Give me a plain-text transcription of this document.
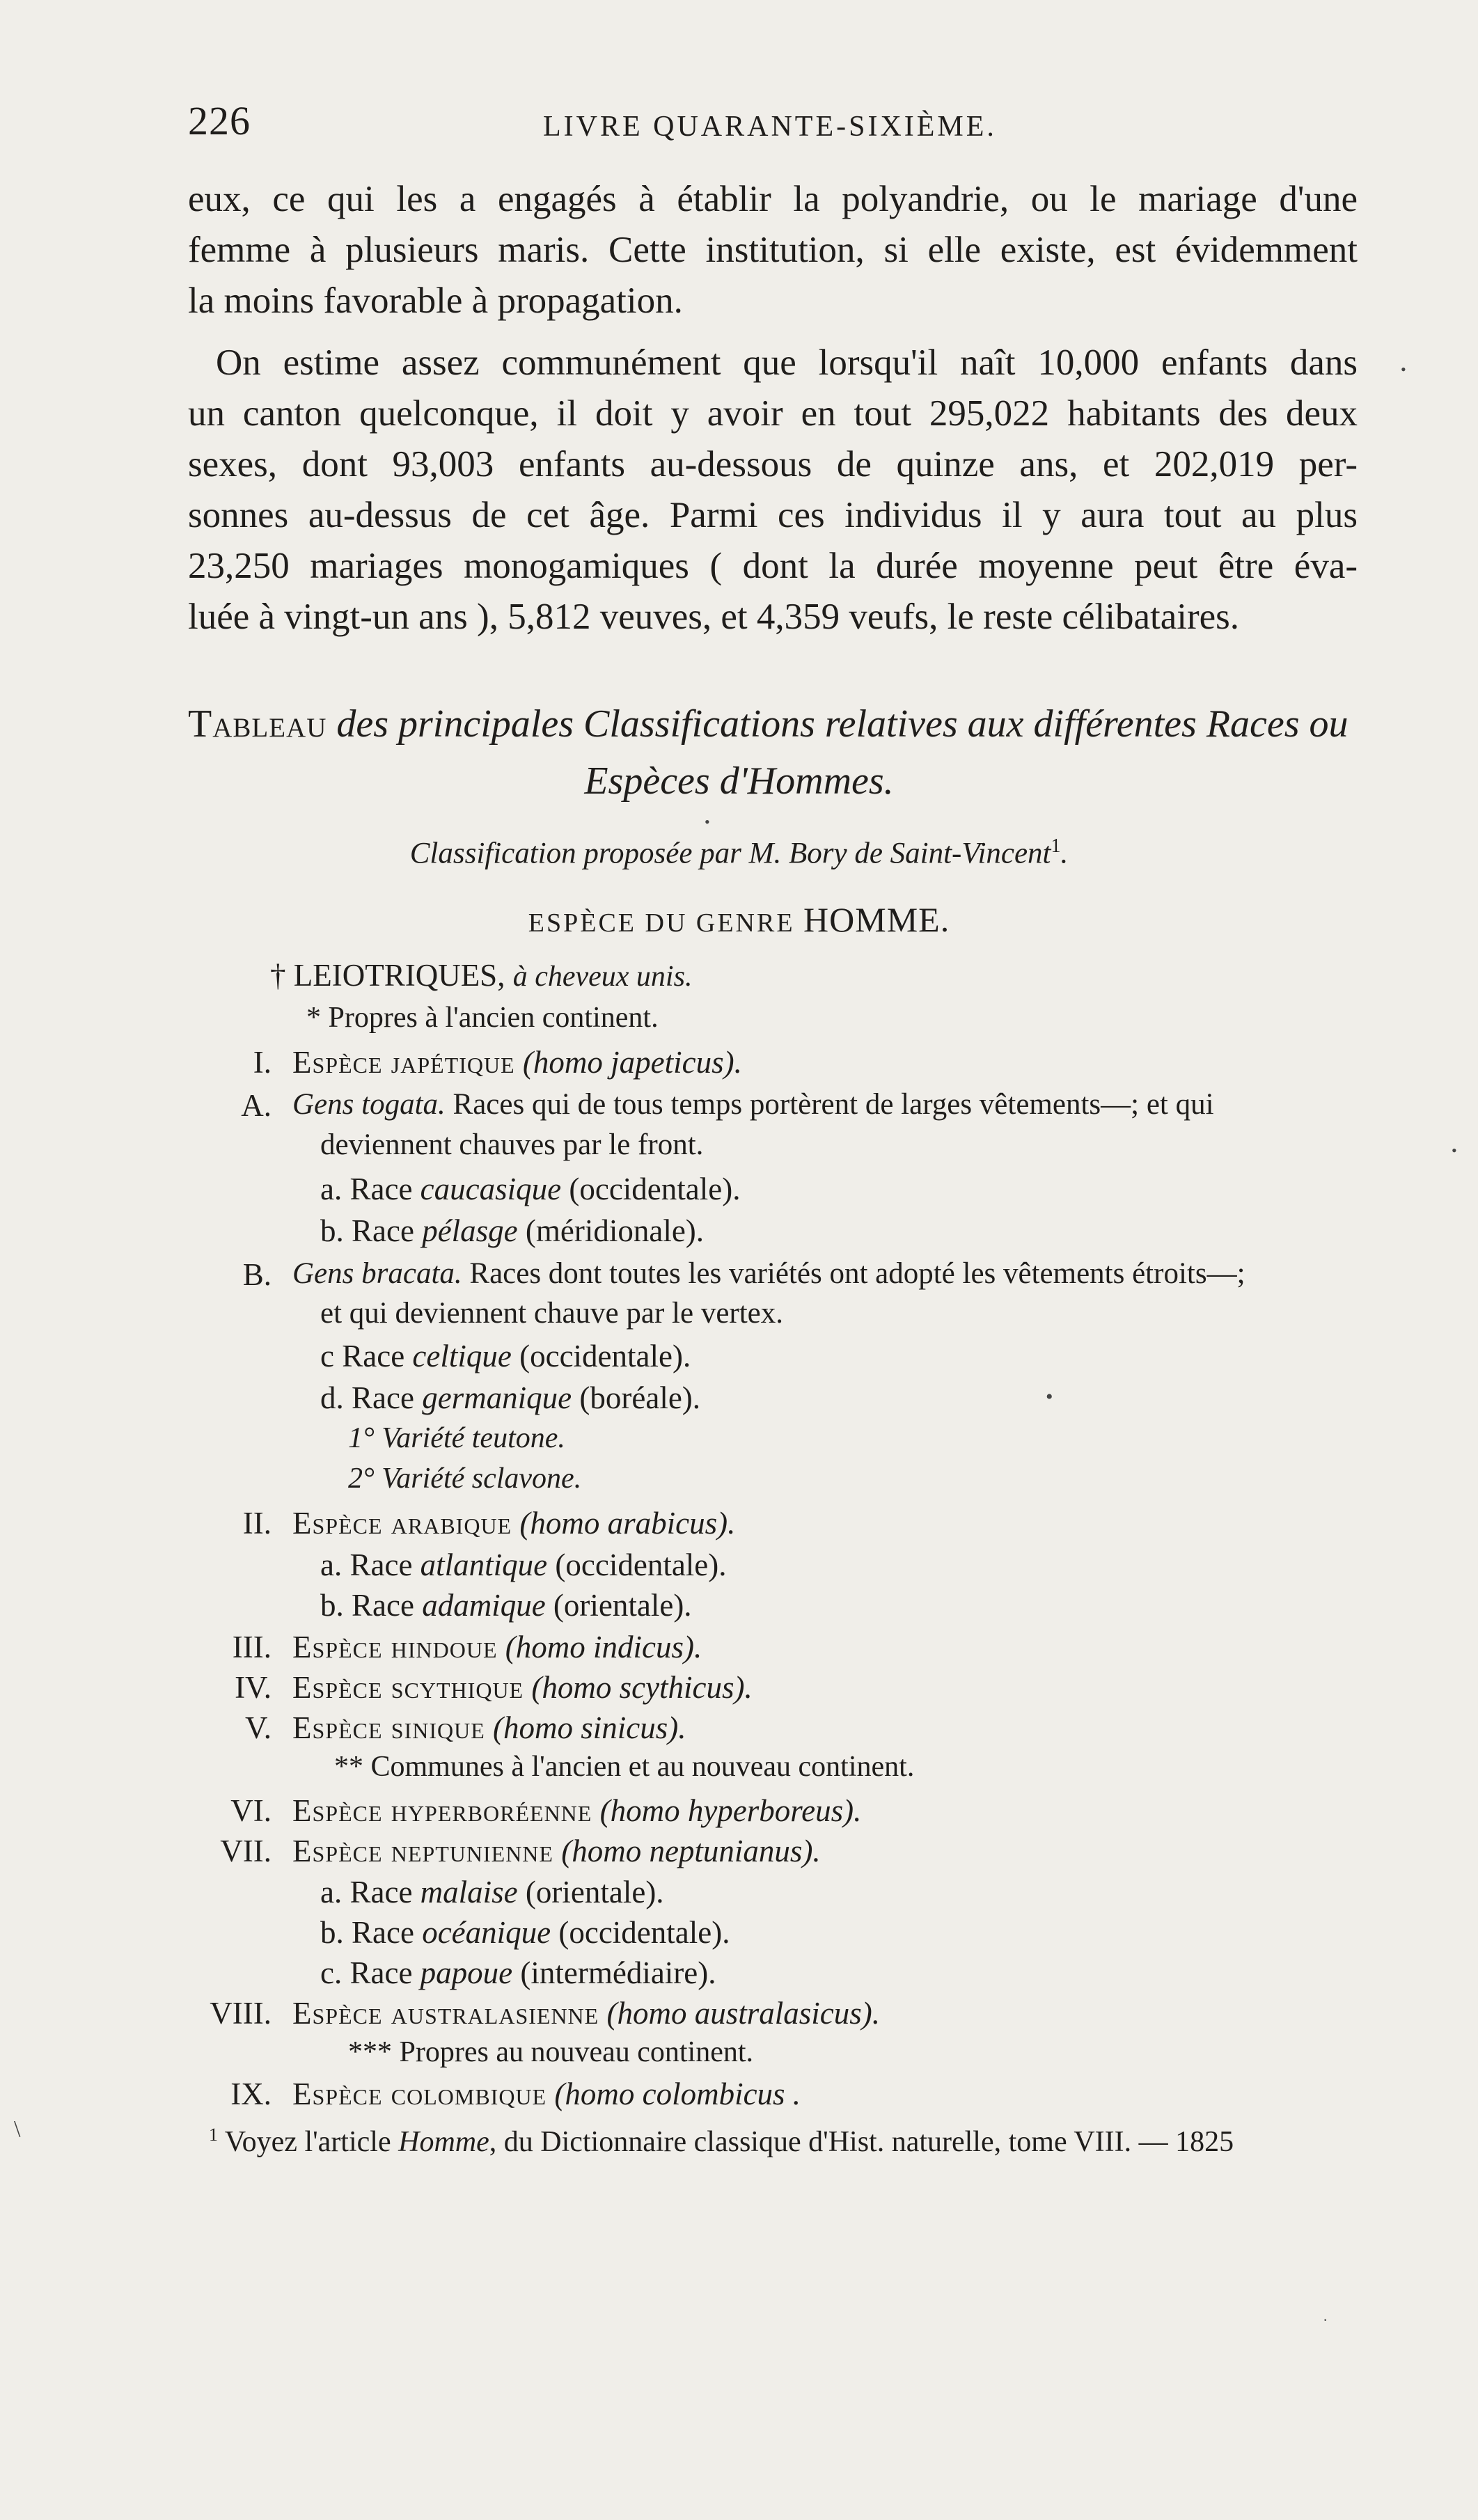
226	LIVRE QUARANTE-SIXIÈME.
eux, ce qui les a engagés à établir la polyandrie, ou le mariage d'une
femme à plusieurs maris. Cette institution, si elle existe, est évidemment
la moins favorable à propagation.
On estime assez communément que lorsqu'il naît 10,000 enfants dans
un canton quelconque, il doit y avoir en tout 295,022 habitants des deux
sexes, dont 93,003 enfants au-dessous de quinze ans, et 202,019 per-
sonnes au-dessus de cet âge. Parmi ces individus il y aura tout au plus
23,250 mariages monogamiques ( dont la durée moyenne peut être éva-
luée à vingt-un ans ), 5,812 veuves, et 4,359 veufs, le reste célibataires.
Tableau des principales Classifications relatives aux différentes Races ou
Espèces d'Hommes.
•
Classification proposée par M. Bory de Saint-Vincent$^1$.
ESPÈCE DU GENRE HOMME.
† LEIOTRIQUES, à cheveux unis.
* Propres à l'ancien continent.
I. Espèce japétique (homo japeticus).
A. Gens togata. Races qui de tous temps portèrent de larges vêtements—; et qui
deviennent chauves par le front.
a. Race caucasique (occidentale).
b. Race pélasge (méridionale).
B. Gens bracata. Races dont toutes les variétés ont adopté les vêtements étroits—;
et qui deviennent chauve par le vertex.
c Race celtique (occidentale).
d. Race germanique (boréale).	•
1° Variété teutone.
2° Variété sclavone.
II. Espèce arabique (homo arabicus).
a. Race atlantique (occidentale).
b. Race adamique (orientale).
III. Espèce hindoue (homo indicus).
IV. Espèce scythique (homo scythicus).
V. Espèce sinique (homo sinicus).
** Communes à l'ancien et au nouveau continent.
VI. Espèce hyperboréenne (homo hyperboreus).
VII. Espèce neptunienne (homo neptunianus).
a. Race malaise (orientale).
b. Race océanique (occidentale).
c. Race papoue (intermédiaire).
VIII. Espèce australasienne (homo australasicus).
*** Propres au nouveau continent.
IX. Espèce colombique (homo colombicus .
$^1$ Voyez l'article Homme, du Dictionnaire classique d'Hist. naturelle, tome VIII. — 1825
•
•
·
\
